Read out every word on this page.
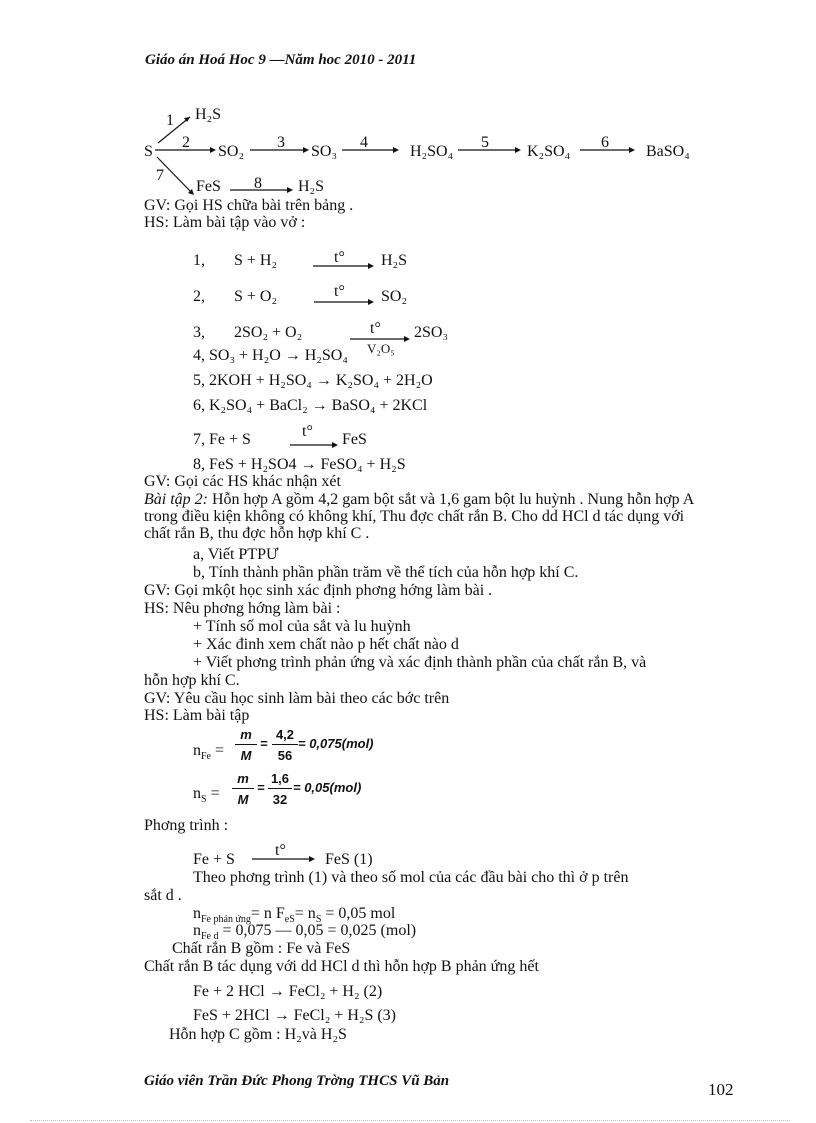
Giáo án Hoá Hoc 9 —Năm hoc 2010 - 2011
H₂S
1
S
2
SO₂
3
SO₃
4
H₂SO₄
5
K₂SO₄
6
BaSO₄
7
FeS 8 H₂S
GV: Gọi HS chữa bài trên bảng .
HS: Làm bài tập vào vở :
1, S + H₂	t° H₂S
2, S + O₂	t° SO₂
3, 2SO₂ + O₂	t°
V₂O₅
2SO₃
4, SO₃ + H₂O → H₂SO₄
5, 2KOH + H₂SO₄ → K₂SO₄ + 2H₂O
6, K₂SO₄ + BaCl₂ → BaSO₄ + 2KCl
7, Fe + S	t° FeS
8, FeS + H₂SO4 → FeSO₄ + H₂S
GV: Gọi các HS khác nhận xét
Bài tập 2: Hỗn hợp A gồm 4,2 gam bột sắt và 1,6 gam bột lu huỳnh . Nung hỗn hợp A trong điều kiện không có không khí, Thu đợc chất rắn B. Cho dd HCl d tác dụng với chất rắn B, thu đợc hỗn hợp khí C .
a, Viết PTPƯ
b, Tính thành phần phần trăm về thể tích của hỗn hợp khí C.
GV: Gọi mkột học sinh xác định phơng hớng làm bài .
HS: Nêu phơng hớng làm bài :
+ Tính số mol của sắt và lu huỳnh
+ Xác đinh xem chất nào p hết chất nào d
+ Viết phơng trình phản ứng và xác định thành phần của chất rắn B, và
hỗn hợp khí C.
GV: Yêu cầu học sinh làm bài theo các bớc trên
HS: Làm bài tập
$n_{Fe}$ =
m
M
=
4,2
56
= 0,075(mol)
$n_S$ =
m
M
=
1,6
32
= 0,05(mol)
Phơng trình :
Fe + S
t°
FeS (1)
Theo phơng trình (1) và theo số mol của các đầu bài cho thì ở p trên
sắt d .
$n_{Fe phản ứng}= n$ $F_{eS}= n_S = 0,05$ mol
$n_{Fe d} = 0,075$ — 0,05 = 0,025 (mol)
Chất rắn B gồm : Fe và FeS
Chất rắn B tác dụng với dd HCl d thì hỗn hợp B phản ứng hết
Fe + 2 HCl → FeCl₂ + H₂ (2)
FeS + 2HCl → FeCl₂ + H₂S (3)
Hỗn hợp C gồm : H₂và H₂S
Giáo viên Trần Đức Phong Trờng THCS Vũ Bản	102
